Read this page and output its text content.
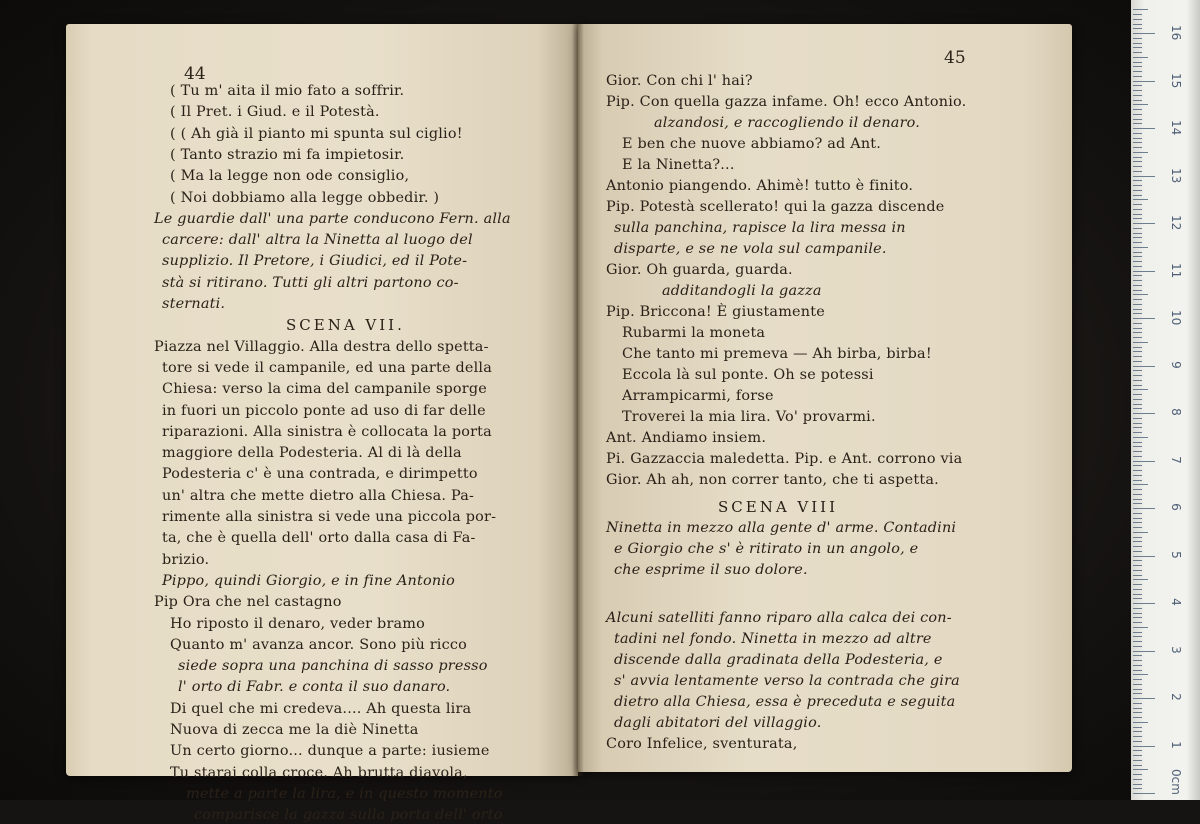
44
( Tu m' aita il mio fato a soffrir.
( Il Pret. i Giud. e il Potestà.
( ( Ah già il pianto mi spunta sul ciglio!
( Tanto strazio mi fa impietosir.
( Ma la legge non ode consiglio,
( Noi dobbiamo alla legge obbedir. )
Le guardie dall' una parte conducono Fern. alla
carcere: dall' altra la Ninetta al luogo del
supplizio. Il Pretore, i Giudici, ed il Pote-
stà si ritirano. Tutti gli altri partono co-
sternati.
SCENA VII.
Piazza nel Villaggio. Alla destra dello spetta-
tore si vede il campanile, ed una parte della
Chiesa: verso la cima del campanile sporge
in fuori un piccolo ponte ad uso di far delle
riparazioni. Alla sinistra è collocata la porta
maggiore della Podesteria. Al di là della
Podesteria c' è una contrada, e dirimpetto
un' altra che mette dietro alla Chiesa. Pa-
rimente alla sinistra si vede una piccola por-
ta, che è quella dell' orto dalla casa di Fa-
brizio.
Pippo, quindi Giorgio, e in fine Antonio
Pip Ora che nel castagno
Ho riposto il denaro, veder bramo
Quanto m' avanza ancor. Sono più ricco
siede sopra una panchina di sasso presso
l' orto di Fabr. e conta il suo danaro.
Di quel che mi credeva.... Ah questa lira
Nuova di zecca me la diè Ninetta
Un certo giorno... dunque a parte: iusieme
Tu starai colla croce. Ah brutta diavola,
mette a parte la lira, e in questo momento
comparisce la gazza sulla porta dell' orto
45
Gior. Con chi l' hai?
Pip. Con quella gazza infame. Oh! ecco Antonio.
alzandosi, e raccogliendo il denaro.
E ben che nuove abbiamo? ad Ant.
E la Ninetta?...
Antonio piangendo. Ahimè! tutto è finito.
Pip. Potestà scellerato! qui la gazza discende
sulla panchina, rapisce la lira messa in
disparte, e se ne vola sul campanile.
Gior. Oh guarda, guarda.
additandogli la gazza
Pip. Briccona! È giustamente
Rubarmi la moneta
Che tanto mi premeva — Ah birba, birba!
Eccola là sul ponte. Oh se potessi
Arrampicarmi, forse
Troverei la mia lira. Vo' provarmi.
Ant. Andiamo insiem.
Pi. Gazzaccia maledetta. Pip. e Ant. corrono via
Gior. Ah ah, non correr tanto, che ti aspetta.
SCENA VIII
Ninetta in mezzo alla gente d' arme. Contadini
e Giorgio che s' è ritirato in un angolo, e
che esprime il suo dolore.
Alcuni satelliti fanno riparo alla calca dei con-
tadini nel fondo. Ninetta in mezzo ad altre
discende dalla gradinata della Podesteria, e
s' avvia lentamente verso la contrada che gira
dietro alla Chiesa, essa è preceduta e seguita
dagli abitatori del villaggio.
Coro Infelice, sventurata,
0cm
1
2
3
4
5
6
7
8
9
10
11
12
13
14
15
16
